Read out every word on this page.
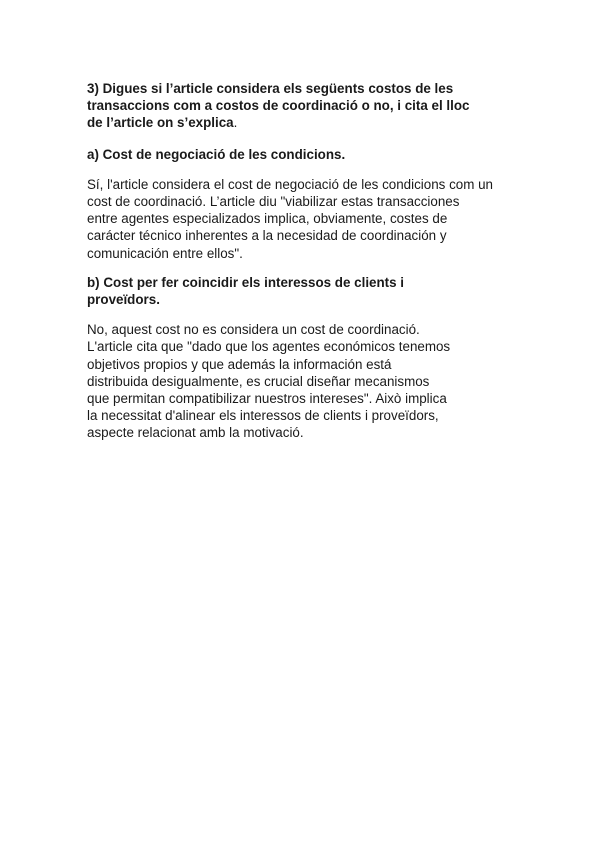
3) Digues si l’article considera els següents costos de les
transaccions com a costos de coordinació o no, i cita el lloc
de l’article on s’explica.
a) Cost de negociació de les condicions.
Sí, l'article considera el cost de negociació de les condicions com un
cost de coordinació. L’article diu "viabilizar estas transacciones
entre agentes especializados implica, obviamente, costes de
carácter técnico inherentes a la necesidad de coordinación y
comunicación entre ellos".
b) Cost per fer coincidir els interessos de clients i
proveïdors.
No, aquest cost no es considera un cost de coordinació.
L'article cita que "dado que los agentes económicos tenemos
objetivos propios y que además la información está
distribuida desigualmente, es crucial diseñar mecanismos
que permitan compatibilizar nuestros intereses". Això implica
la necessitat d'alinear els interessos de clients i proveïdors,
aspecte relacionat amb la motivació.
